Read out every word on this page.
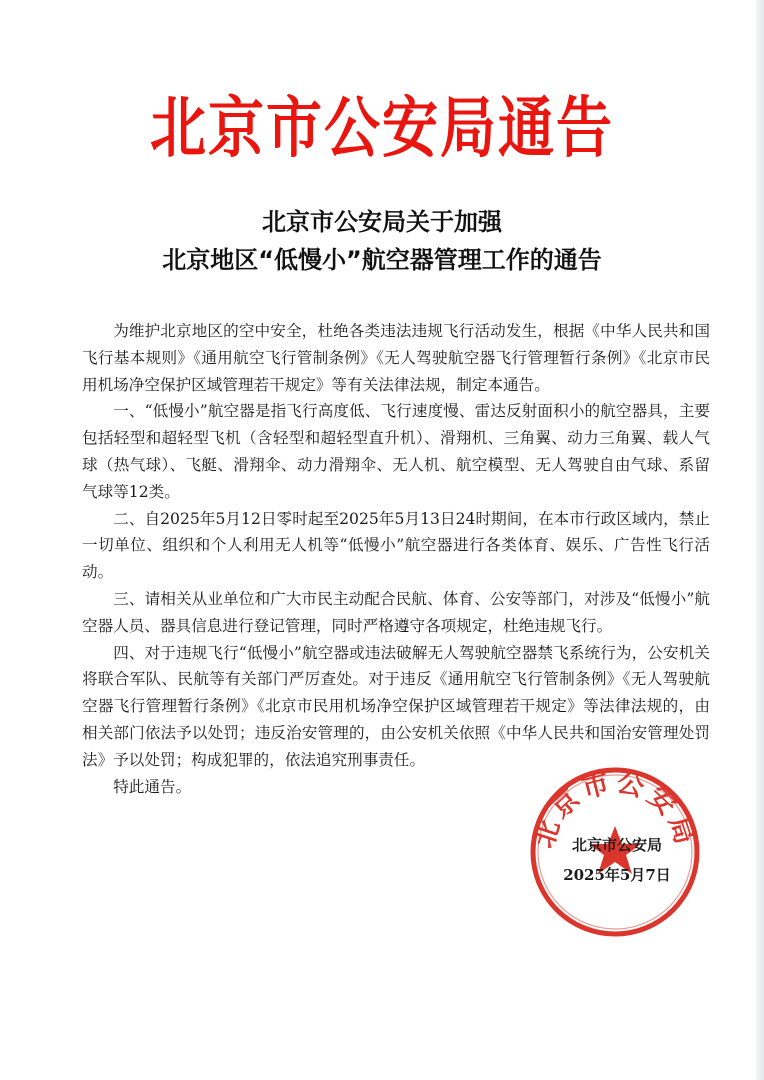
北京市公安局通告
北京市公安局关于加强
北京地区“低慢小”航空器管理工作的通告

为维护北京地区的空中安全，杜绝各类违法违规飞行活动发生，根据《中华人民共和国飞行基本规则》《通用航空飞行管制条例》《无人驾驶航空器飞行管理暂行条例》《北京市民用机场净空保护区域管理若干规定》等有关法律法规，制定本通告。

一、“低慢小”航空器是指飞行高度低、飞行速度慢、雷达反射面积小的航空器具，主要包括轻型和超轻型飞机（含轻型和超轻型直升机）、滑翔机、三角翼、动力三角翼、载人气球（热气球）、飞艇、滑翔伞、动力滑翔伞、无人机、航空模型、无人驾驶自由气球、系留气球等12类。

二、自2025年5月12日零时起至2025年5月13日24时期间，在本市行政区域内，禁止一切单位、组织和个人利用无人机等“低慢小”航空器进行各类体育、娱乐、广告性飞行活动。

三、请相关从业单位和广大市民主动配合民航、体育、公安等部门，对涉及“低慢小”航空器人员、器具信息进行登记管理，同时严格遵守各项规定，杜绝违规飞行。

四、对于违规飞行“低慢小”航空器或违法破解无人驾驶航空器禁飞系统行为，公安机关将联合军队、民航等有关部门严厉查处。对于违反《通用航空飞行管制条例》《无人驾驶航空器飞行管理暂行条例》《北京市民用机场净空保护区域管理若干规定》等法律法规的，由相关部门依法予以处罚；违反治安管理的，由公安机关依照《中华人民共和国治安管理处罚法》予以处罚；构成犯罪的，依法追究刑事责任。

特此通告。

北京市公安局
北京市公安局
2025年5月7日
